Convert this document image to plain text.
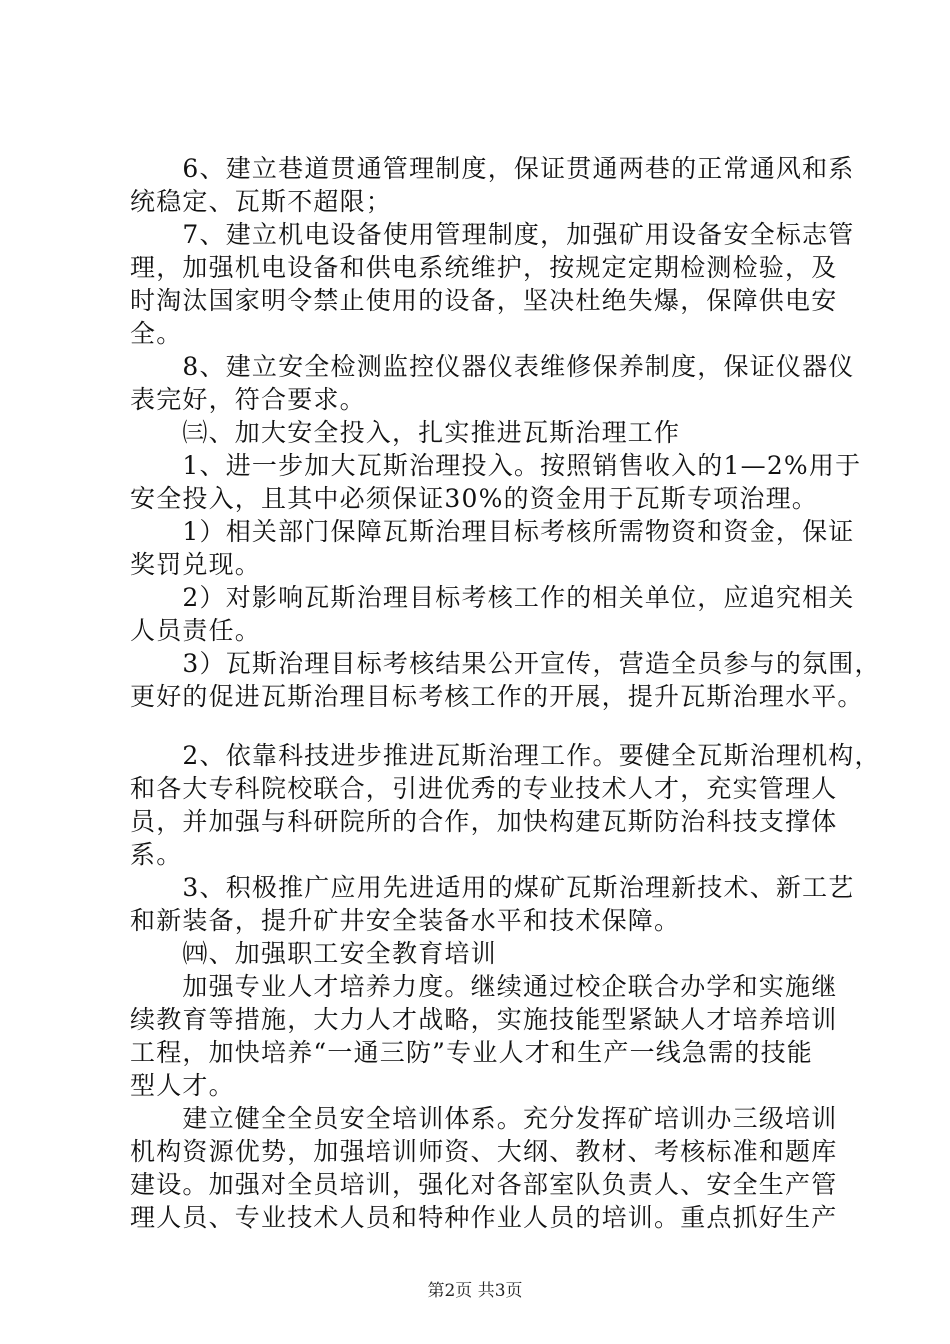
　　6、建立巷道贯通管理制度，保证贯通两巷的正常通风和系
统稳定、瓦斯不超限；
　　7、建立机电设备使用管理制度，加强矿用设备安全标志管
理，加强机电设备和供电系统维护，按规定定期检测检验，及
时淘汰国家明令禁止使用的设备，坚决杜绝失爆，保障供电安
全。
　　8、建立安全检测监控仪器仪表维修保养制度，保证仪器仪
表完好，符合要求。
　　㈢、加大安全投入，扎实推进瓦斯治理工作
　　1、进一步加大瓦斯治理投入。按照销售收入的1—2%用于
安全投入，且其中必须保证30%的资金用于瓦斯专项治理。
　　1）相关部门保障瓦斯治理目标考核所需物资和资金，保证
奖罚兑现。
　　2）对影响瓦斯治理目标考核工作的相关单位，应追究相关
人员责任。
　　3）瓦斯治理目标考核结果公开宣传，营造全员参与的氛围，
更好的促进瓦斯治理目标考核工作的开展，提升瓦斯治理水平。
　　2、依靠科技进步推进瓦斯治理工作。要健全瓦斯治理机构，
和各大专科院校联合，引进优秀的专业技术人才，充实管理人
员，并加强与科研院所的合作，加快构建瓦斯防治科技支撑体
系。
　　3、积极推广应用先进适用的煤矿瓦斯治理新技术、新工艺
和新装备，提升矿井安全装备水平和技术保障。
　　㈣、加强职工安全教育培训
　　加强专业人才培养力度。继续通过校企联合办学和实施继
续教育等措施，大力人才战略，实施技能型紧缺人才培养培训
工程，加快培养“一通三防”专业人才和生产一线急需的技能
型人才。
　　建立健全全员安全培训体系。充分发挥矿培训办三级培训
机构资源优势，加强培训师资、大纲、教材、考核标准和题库
建设。加强对全员培训，强化对各部室队负责人、安全生产管
理人员、专业技术人员和特种作业人员的培训。重点抓好生产
第2页 共3页
